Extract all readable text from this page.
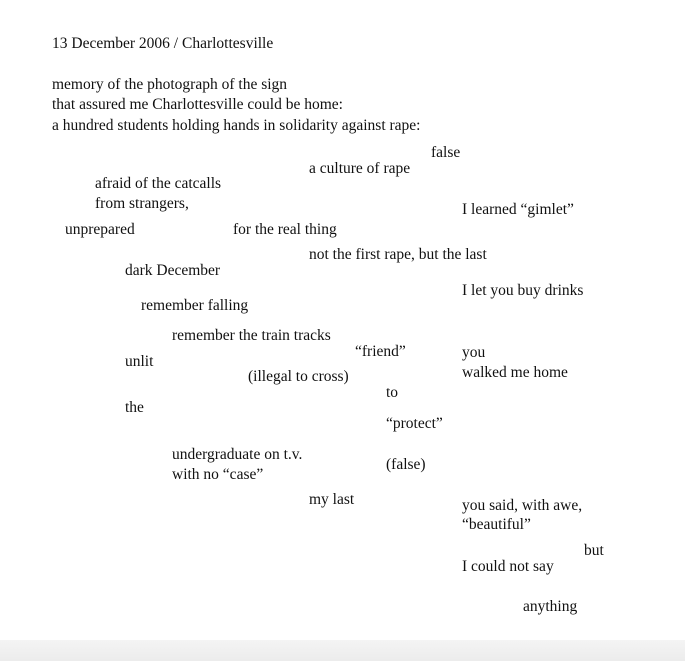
13 December 2006 / Charlottesville
memory of the photograph of the sign
that assured me Charlottesville could be home:
a hundred students holding hands in solidarity against rape:
false
a culture of rape
afraid of the catcalls
from strangers,	I learned “gimlet”
unprepared	for the real thing
not the first rape, but the last
dark December
I let you buy drinks
remember falling
remember the train tracks
“friend”
unlit
you
(illegal to cross)	walked me home
to
the
“protect”
undergraduate on t.v.
(false)
with no “case”
my last	you said, with awe,
“beautiful”
but
I could not say
anything
